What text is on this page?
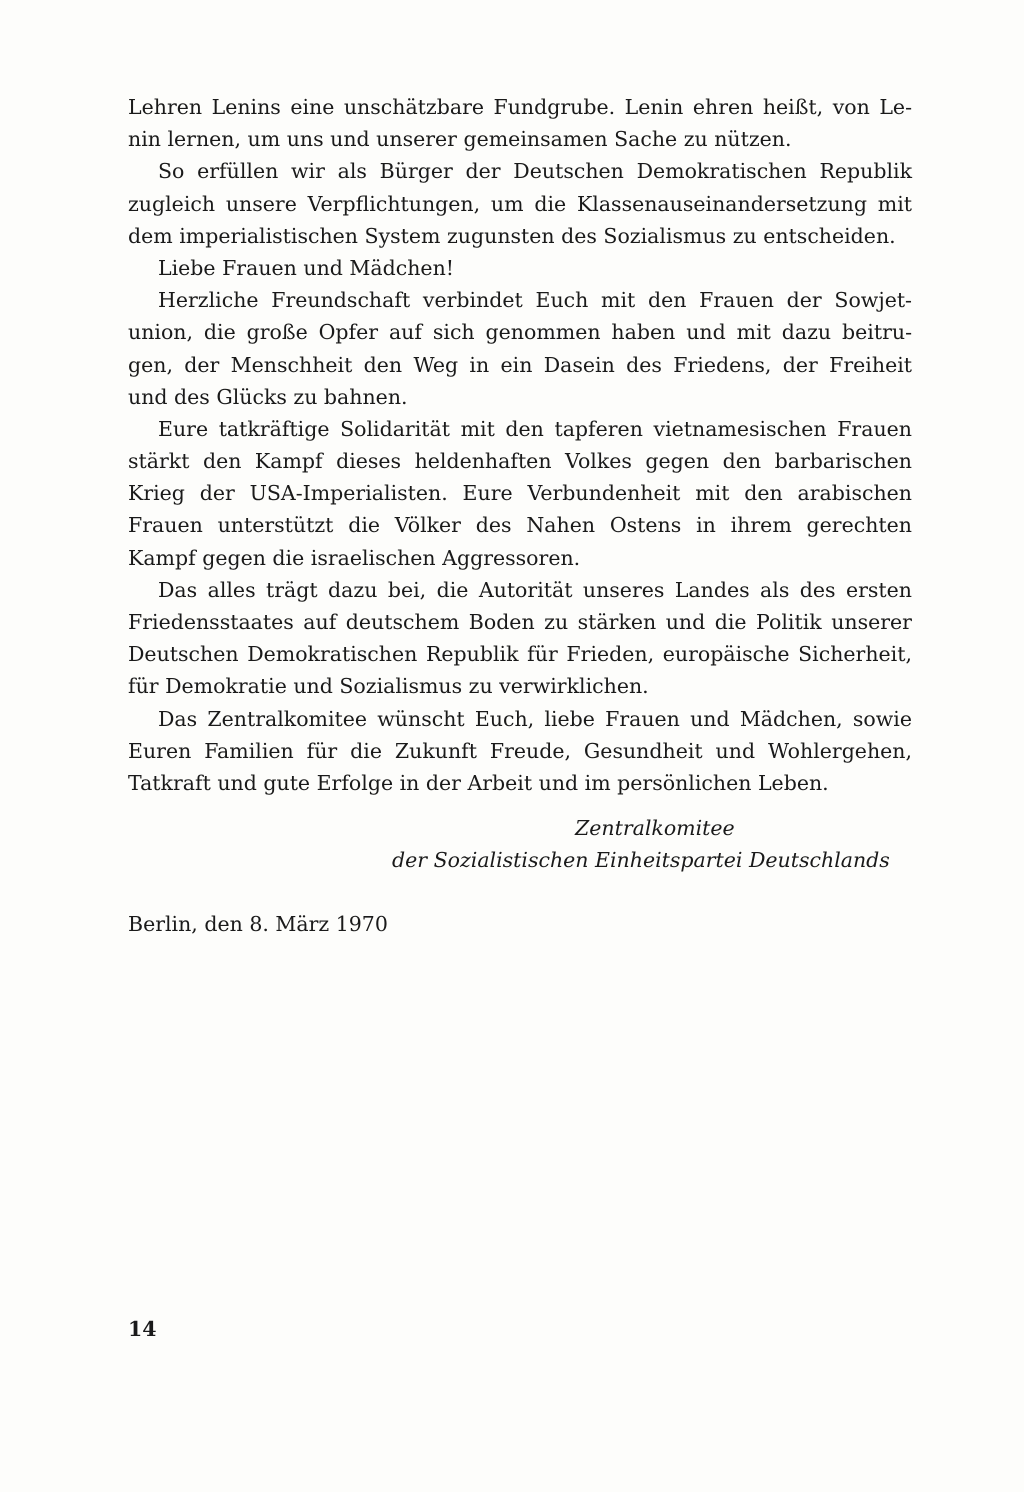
Lehren Lenins eine unschätzbare Fundgrube. Lenin ehren heißt, von Le-
nin lernen, um uns und unserer gemeinsamen Sache zu nützen.
So erfüllen wir als Bürger der Deutschen Demokratischen Republik
zugleich unsere Verpflichtungen, um die Klassenauseinandersetzung mit
dem imperialistischen System zugunsten des Sozialismus zu entscheiden.
Liebe Frauen und Mädchen!
Herzliche Freundschaft verbindet Euch mit den Frauen der Sowjet-
union, die große Opfer auf sich genommen haben und mit dazu beitru-
gen, der Menschheit den Weg in ein Dasein des Friedens, der Freiheit
und des Glücks zu bahnen.
Eure tatkräftige Solidarität mit den tapferen vietnamesischen Frauen
stärkt den Kampf dieses heldenhaften Volkes gegen den barbarischen
Krieg der USA-Imperialisten. Eure Verbundenheit mit den arabischen
Frauen unterstützt die Völker des Nahen Ostens in ihrem gerechten
Kampf gegen die israelischen Aggressoren.
Das alles trägt dazu bei, die Autorität unseres Landes als des ersten
Friedensstaates auf deutschem Boden zu stärken und die Politik unserer
Deutschen Demokratischen Republik für Frieden, europäische Sicherheit,
für Demokratie und Sozialismus zu verwirklichen.
Das Zentralkomitee wünscht Euch, liebe Frauen und Mädchen, sowie
Euren Familien für die Zukunft Freude, Gesundheit und Wohlergehen,
Tatkraft und gute Erfolge in der Arbeit und im persönlichen Leben.
Zentralkomitee
der Sozialistischen Einheitspartei Deutschlands
Berlin, den 8. März 1970
14
